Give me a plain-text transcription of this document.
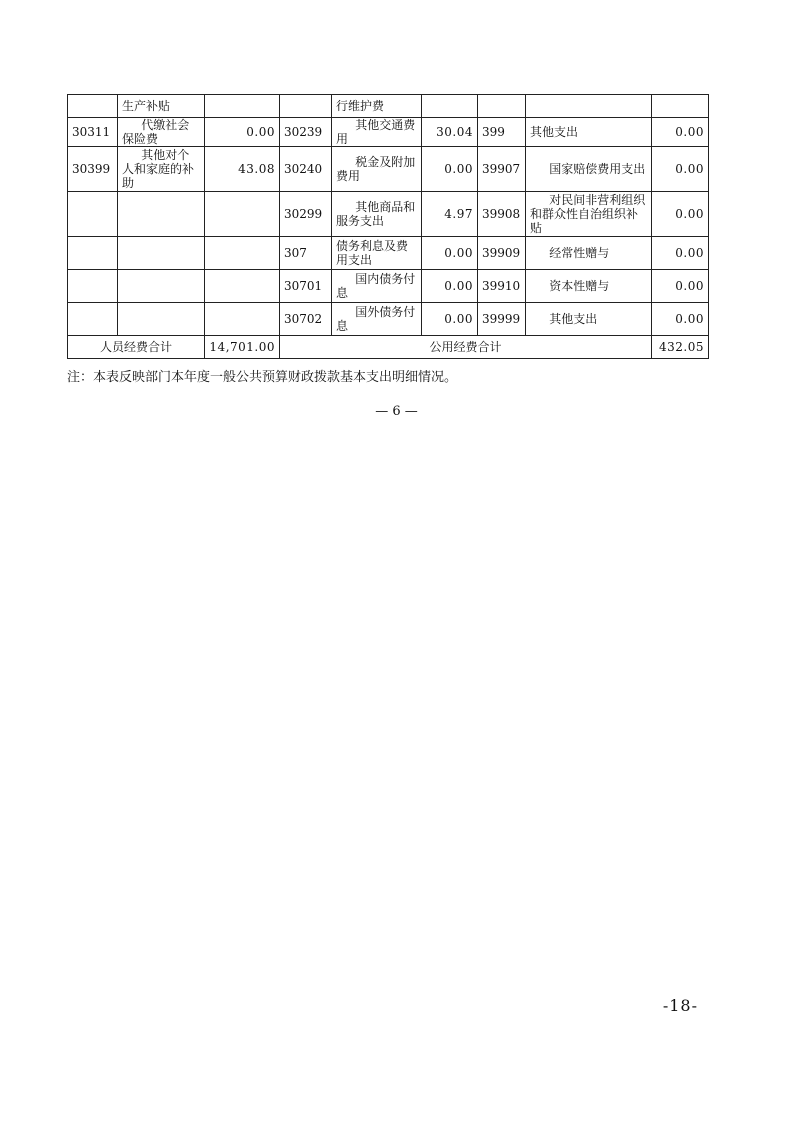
	生产补贴			行维护费				
30311	代缴社会保险费	0.00	30239	其他交通费用	30.04	399	其他支出	0.00
30399	其他对个人和家庭的补助	43.08	30240	税金及附加费用	0.00	39907	国家赔偿费用支出	0.00
			30299	其他商品和服务支出	4.97	39908	对民间非营利组织和群众性自治组织补贴	0.00
			307	债务利息及费用支出	0.00	39909	经常性赠与	0.00
			30701	国内债务付息	0.00	39910	资本性赠与	0.00
			30702	国外债务付息	0.00	39999	其他支出	0.00
人员经费合计		14,701.00	公用经费合计					432.05
注：本表反映部门本年度一般公共预算财政拨款基本支出明细情况。
— 6 —
-18-
